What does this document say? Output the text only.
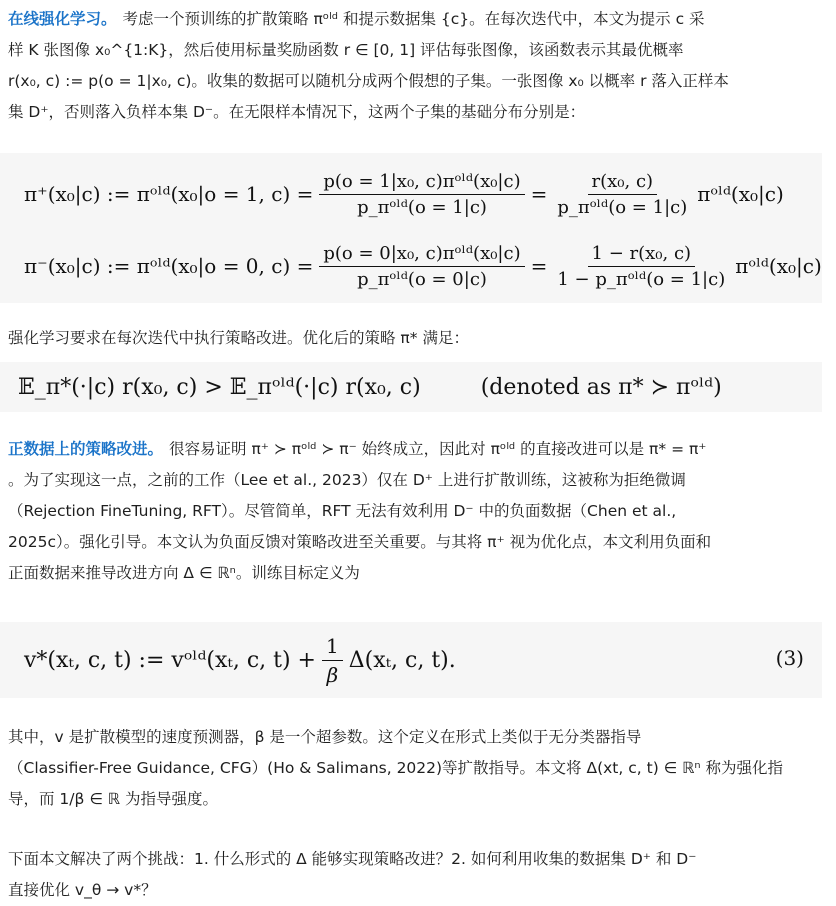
在线强化学习。 考虑一个预训练的扩散策略 πᵒˡᵈ 和提示数据集 {c}。在每次迭代中，本文为提示 c 采
样 K 张图像 x₀^{1:K}，然后使用标量奖励函数 r ∈ [0, 1] 评估每张图像，该函数表示其最优概率
r(x₀, c) := p(o = 1|x₀, c)。收集的数据可以随机分成两个假想的子集。一张图像 x₀ 以概率 r 落入正样本
集 D⁺，否则落入负样本集 D⁻。在无限样本情况下，这两个子集的基础分布分别是：
π⁺(x₀|c) := πᵒˡᵈ(x₀|o = 1, $c) = \frac{\text{p(o = 1|x₀, c)πᵒˡᵈ(x₀|c)}}{\text{p\_πᵒˡᵈ(o = 1|c)}} = \frac{\text{r(x₀, c)}}{\text{p\_πᵒˡᵈ(o = 1|c)}}$ πᵒˡᵈ(x₀|c)
π⁻(x₀|c) := πᵒˡᵈ(x₀|o = 0, $c) = \frac{\text{p(o = 0|x₀, c)πᵒˡᵈ(x₀|c)}}{\text{p\_πᵒˡᵈ(o = 0|c)}} = \frac{\text{1 − r(x₀, c)}}{\text{1 − p\_πᵒˡᵈ(o = 1|c)}}$ πᵒˡᵈ(x₀|c)
强化学习要求在每次迭代中执行策略改进。优化后的策略 π* 满足：
𝔼_π*(·|c) r(x₀, c) > 𝔼_πᵒˡᵈ(·|c) r(x₀, c)	(denoted as π* ≻ πᵒˡᵈ)
正数据上的策略改进。 很容易证明 π⁺ ≻ πᵒˡᵈ ≻ π⁻ 始终成立，因此对 πᵒˡᵈ 的直接改进可以是 π* = π⁺
。为了实现这一点，之前的工作（Lee et al., 2023）仅在 D⁺ 上进行扩散训练，这被称为拒绝微调
（Rejection FineTuning, RFT）。尽管简单，RFT 无法有效利用 D⁻ 中的负面数据（Chen et al.,
2025c）。强化引导。本文认为负面反馈对策略改进至关重要。与其将 π⁺ 视为优化点，本文利用负面和
正面数据来推导改进方向 Δ ∈ ℝⁿ。训练目标定义为
v*(xₜ, c, t) := vᵒˡᵈ(xₜ, c, $t) + \frac{1}{\beta} \Delta(x_t$, c, t).	(3)
其中，v 是扩散模型的速度预测器，β 是一个超参数。这个定义在形式上类似于无分类器指导
（Classifier-Free Guidance, CFG）(Ho & Salimans, 2022)等扩散指导。本文将 Δ(xt, c, t) ∈ ℝⁿ 称为强化指
导，而 1/β ∈ ℝ 为指导强度。
下面本文解决了两个挑战：1. 什么形式的 Δ 能够实现策略改进？2. 如何利用收集的数据集 D⁺ 和 D⁻
直接优化 v_θ → v*？
